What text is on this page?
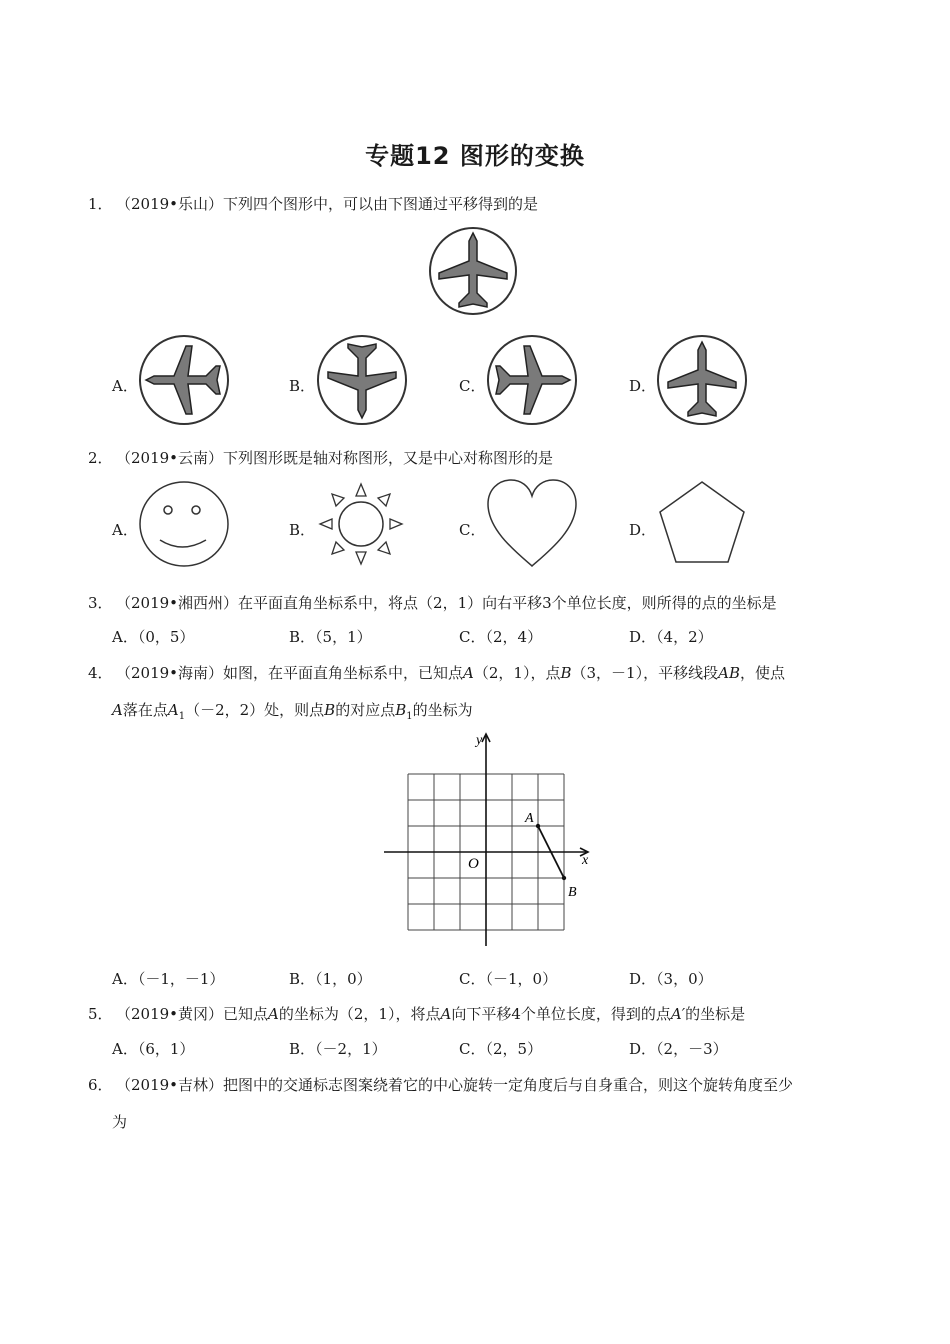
专题12 图形的变换
1． （2019•乐山）下列四个图形中，可以由下图通过平移得到的是
A．	B．	C．	D．
2． （2019•云南）下列图形既是轴对称图形，又是中心对称图形的是
A．	B．	C．	D．
3． （2019•湘西州）在平面直角坐标系中，将点（2，1）向右平移3个单位长度，则所得的点的坐标是
A．（0，5）	B．（5，1）	C．（2，4）	D．（4，2）
4． （2019•海南）如图，在平面直角坐标系中，已知点A（2，1），点B（3，－1），平移线段AB，使点
A落在点$A_1(-2$，2）处，则点B的对应点$B_1$的坐标为
y
x
O
A
B
A．（－1，－1）	B．（1，0）	C．（－1，0）	D．（3，0）
5． （2019•黄冈）已知点A的坐标为（2，1），将点A向下平移4个单位长度，得到的点A′的坐标是
A．（6，1）	B．（－2，1）	C．（2，5）	D．（2，－3）
6． （2019•吉林）把图中的交通标志图案绕着它的中心旋转一定角度后与自身重合，则这个旋转角度至少
为
